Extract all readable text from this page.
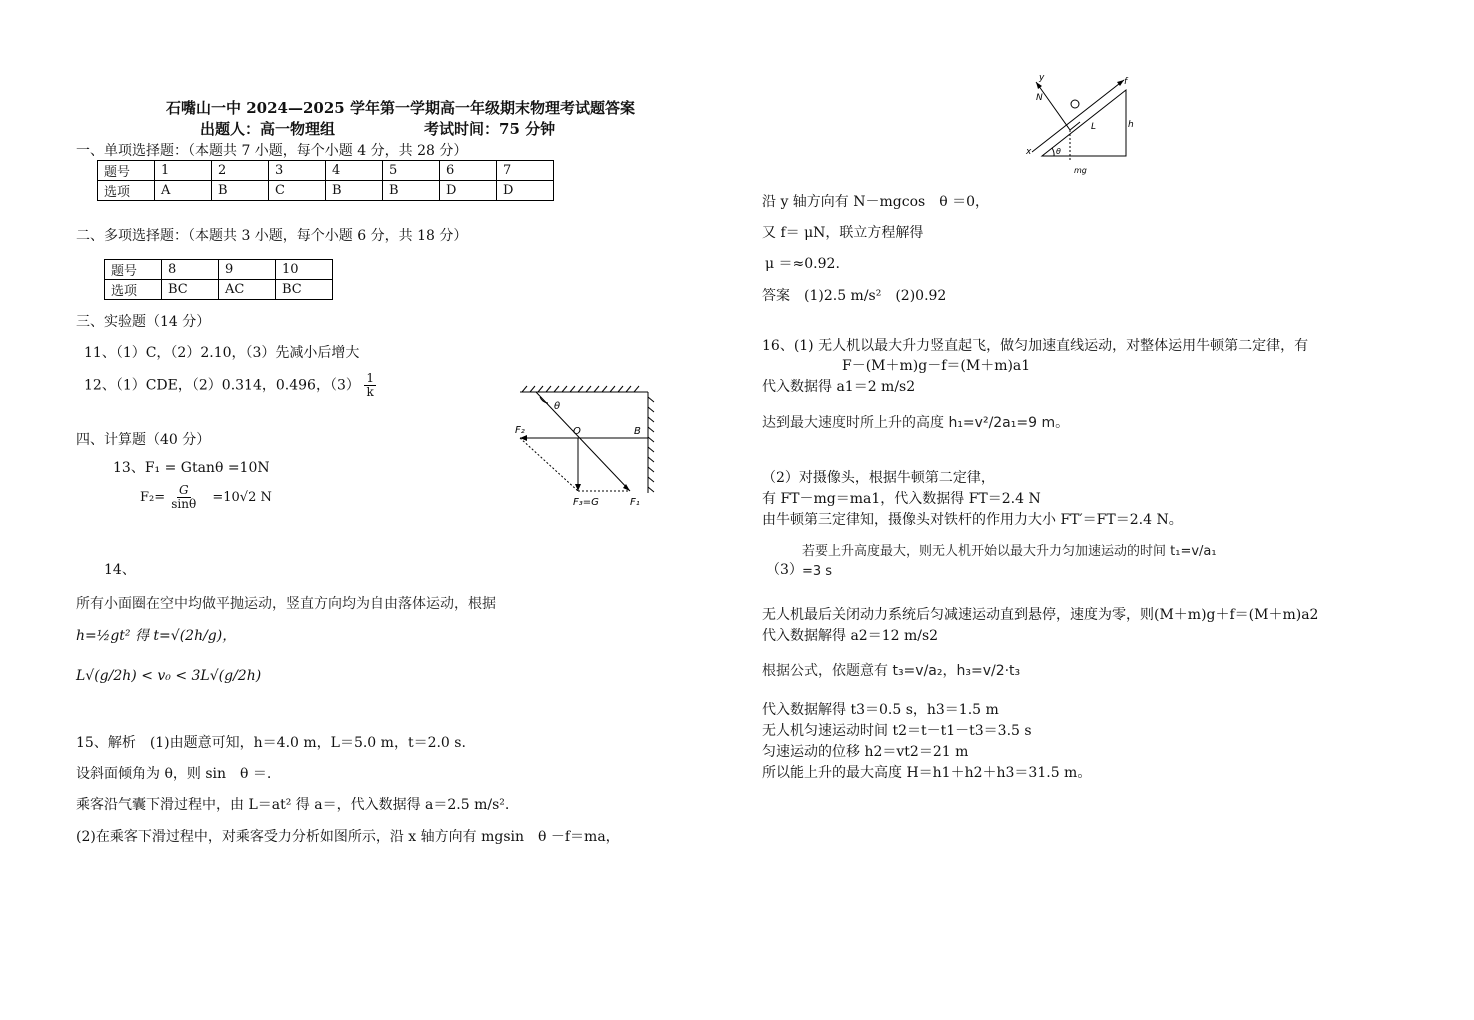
石嘴山一中 2024—2025 学年第一学期高一年级期末物理考试题答案
出题人：高一物理组	考试时间：75 分钟
一、单项选择题：（本题共 7 小题，每个小题 4 分，共 28 分）
题号	1	2	3	4	5	6	7
选项	A	B	C	B	B	D	D
二、多项选择题：（本题共 3 小题，每个小题 6 分，共 18 分）
题号	8	9	10
选项	BC	AC	BC
三、实验题（14 分）
11、（1）C，（2）2.10，（3）先减小后增大
12、（1）CDE，（2）0.314，0.496，$(3) \frac{1}{k}$
θ
F₂	O	B
F₃=G	F₁
四、计算题（40 分）
13、F₁ = Gtanθ =10N
$F_2= \frac{G}{\sin\theta} =10√2$ N
14、
所有小面圈在空中均做平抛运动，竖直方向均为自由落体运动，根据
h=½gt² 得 t=√(2h/g)，
L√(g/2h) < v₀ < 3L√(g/2h)
15、解析　(1)由题意可知，h＝4.0 m，L＝5.0 m，t＝2.0 s.
设斜面倾角为 θ，则 sin　θ ＝.
乘客沿气囊下滑过程中，由 L＝at² 得 a＝，代入数据得 a＝2.5 m/s².
(2)在乘客下滑过程中，对乘客受力分析如图所示，沿 x 轴方向有 mgsin　θ －f＝ma，
y
N
f
h
L
x	θ
mg
沿 y 轴方向有 N－mgcos　θ ＝0，
又 f＝ μN，联立方程解得
μ ＝≈0.92.
答案　(1)2.5 m/s²　(2)0.92
16、(1) 无人机以最大升力竖直起飞，做匀加速直线运动，对整体运用牛顿第二定律，有
F－(M＋m)g－f＝(M＋m)a1
代入数据得 a1＝2 m/s2
达到最大速度时所上升的高度 h₁=v²/2a₁=9 m。
（2）对摄像头，根据牛顿第二定律，
有 FT－mg＝ma1，代入数据得 FT＝2.4 N
由牛顿第三定律知，摄像头对铁杆的作用力大小 FT′＝FT＝2.4 N。
若要上升高度最大，则无人机开始以最大升力匀加速运动的时间 t₁=v/a₁
（3） =3 s
无人机最后关闭动力系统后匀减速运动直到悬停，速度为零，则(M＋m)g＋f＝(M＋m)a2
代入数据解得 a2＝12 m/s2
根据公式，依题意有 t₃=v/a₂，h₃=v/2·t₃
代入数据解得 t3＝0.5 s，h3＝1.5 m
无人机匀速运动时间 t2＝t－t1－t3＝3.5 s
匀速运动的位移 h2＝vt2＝21 m
所以能上升的最大高度 H＝h1＋h2＋h3＝31.5 m。
